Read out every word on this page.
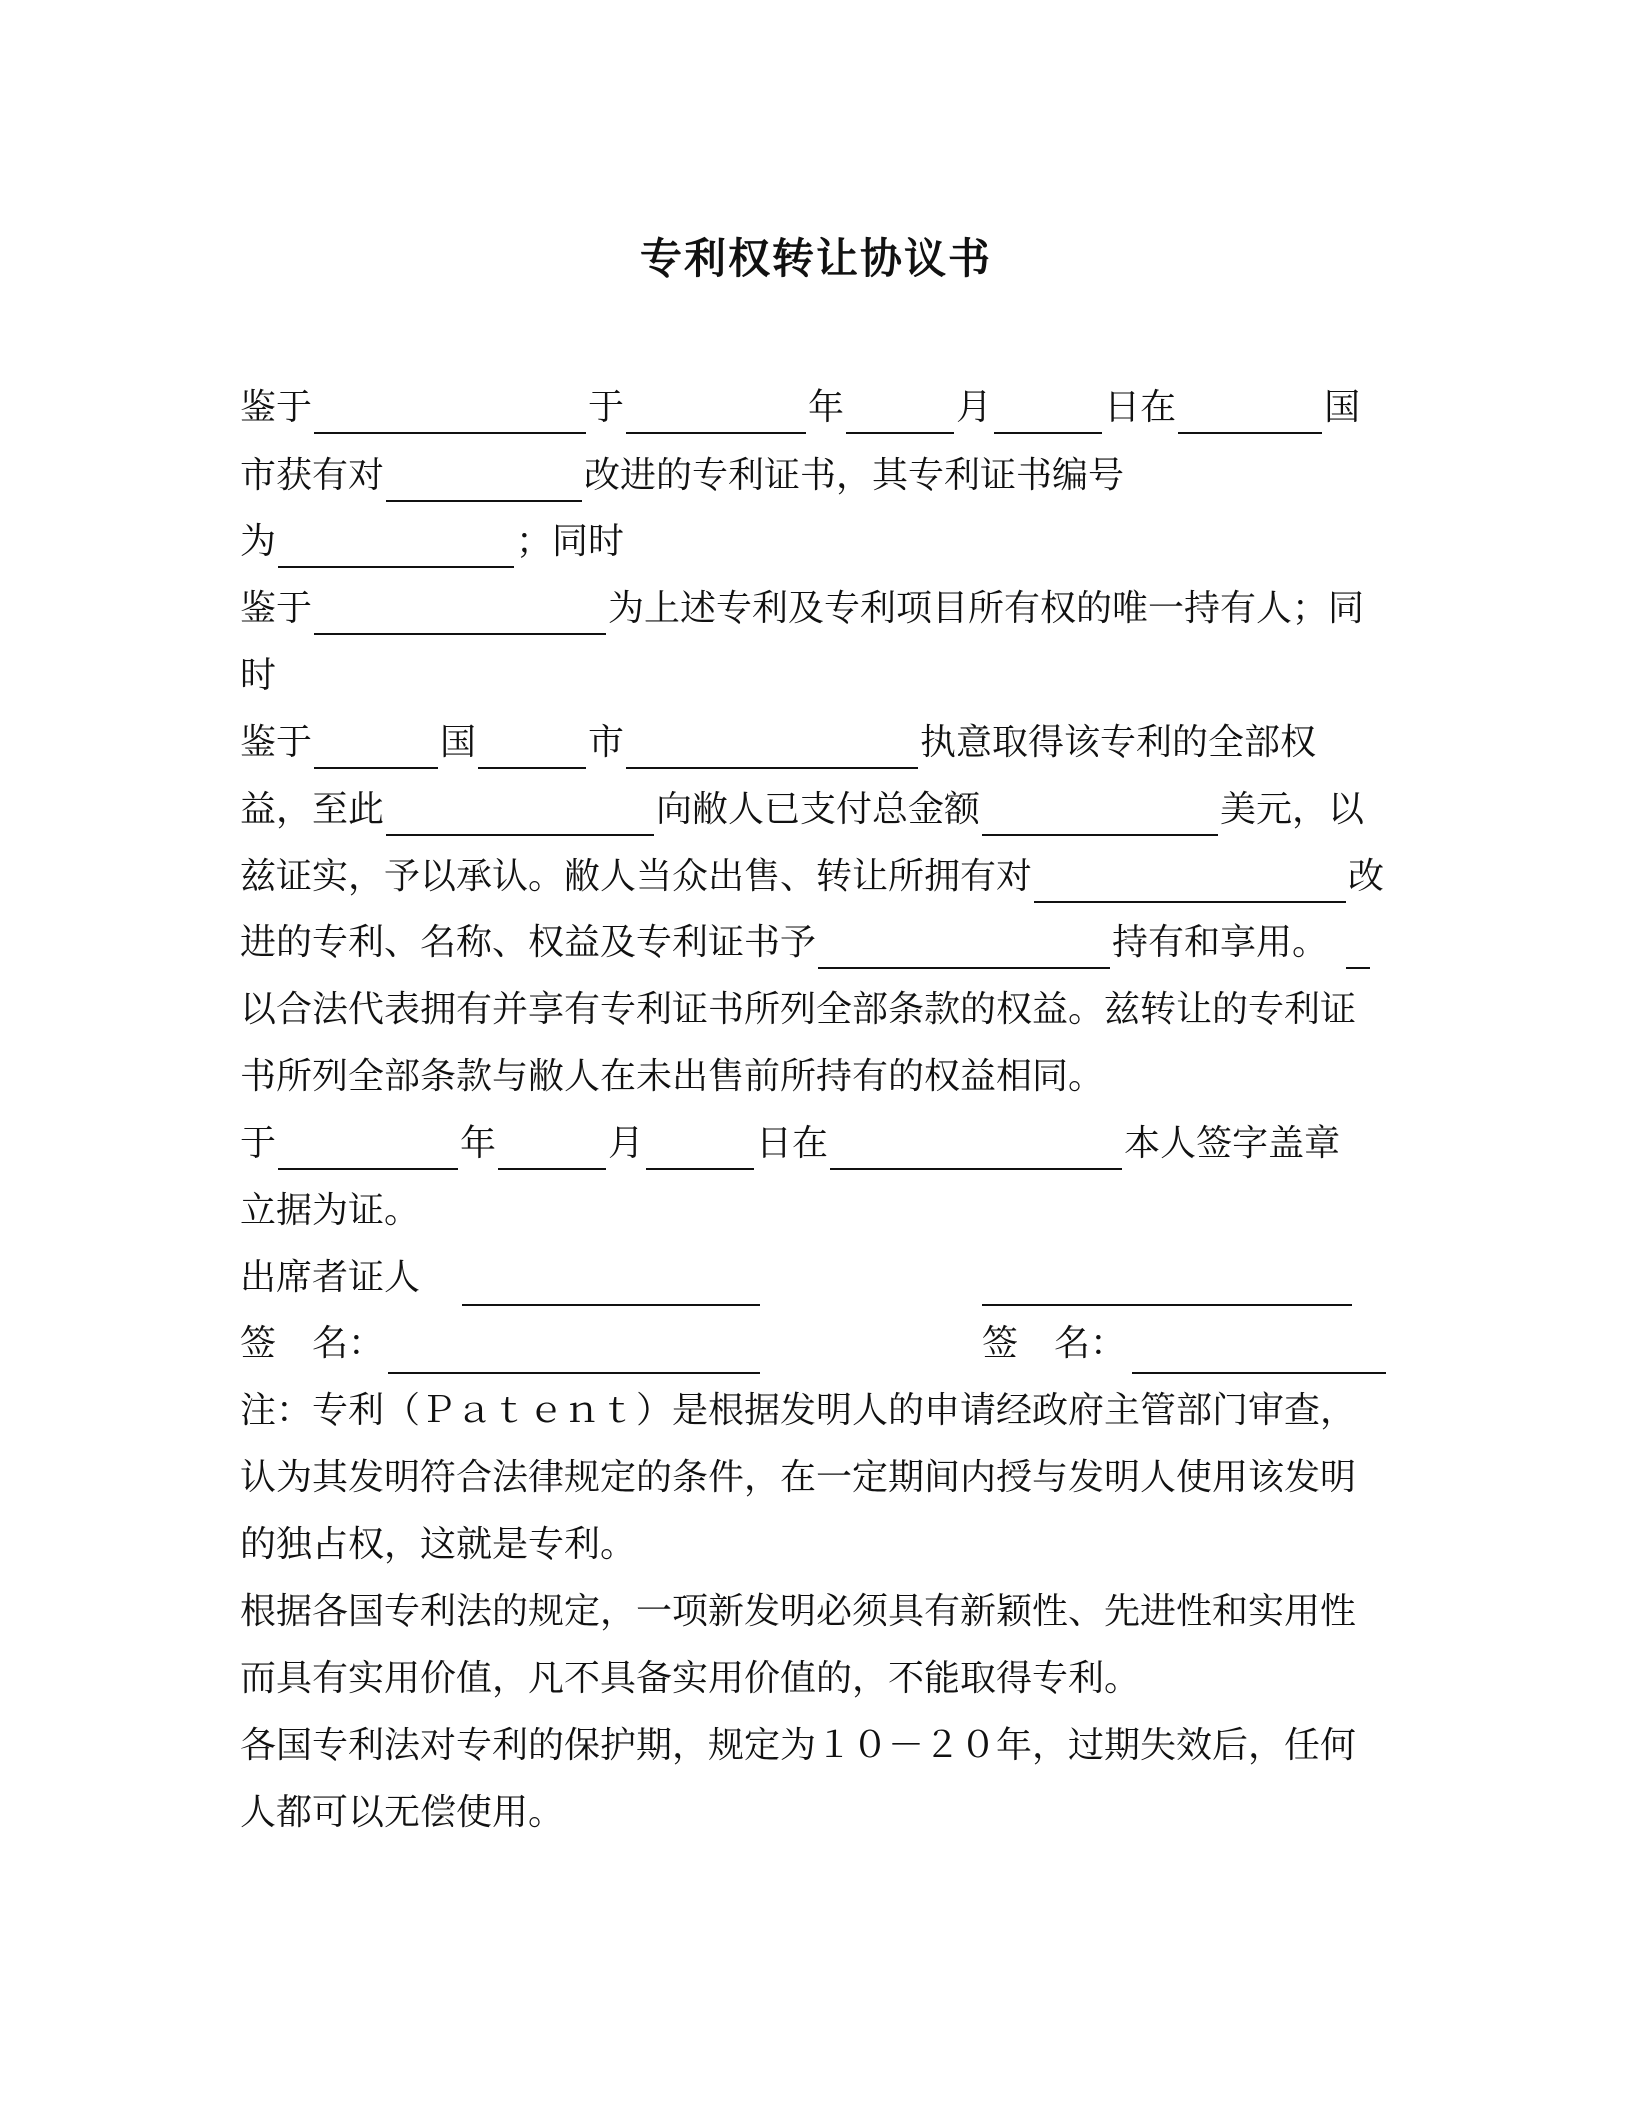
专利权转让协议书
鉴于	于	年	月	日在	国
市获有对	改进的专利证书，其专利证书编号
为	；同时
鉴于	为上述专利及专利项目所有权的唯一持有人；同
时
鉴于	国	市	执意取得该专利的全部权
益，至此	向敝人已支付总金额	美元，以
兹证实，予以承认。敝人当众出售、转让所拥有对	改
进的专利、名称、权益及专利证书予	持有和享用。
以合法代表拥有并享有专利证书所列全部条款的权益。兹转让的专利证
书所列全部条款与敝人在未出售前所持有的权益相同。
于	年	月	日在	本人签字盖章
立据为证。
出席者证人
签　名：	签　名：
注：专利（Ｐａｔｅｎｔ）是根据发明人的申请经政府主管部门审查，
认为其发明符合法律规定的条件，在一定期间内授与发明人使用该发明
的独占权，这就是专利。
根据各国专利法的规定，一项新发明必须具有新颖性、先进性和实用性
而具有实用价值，凡不具备实用价值的，不能取得专利。
各国专利法对专利的保护期，规定为１０－２０年，过期失效后，任何
人都可以无偿使用。
